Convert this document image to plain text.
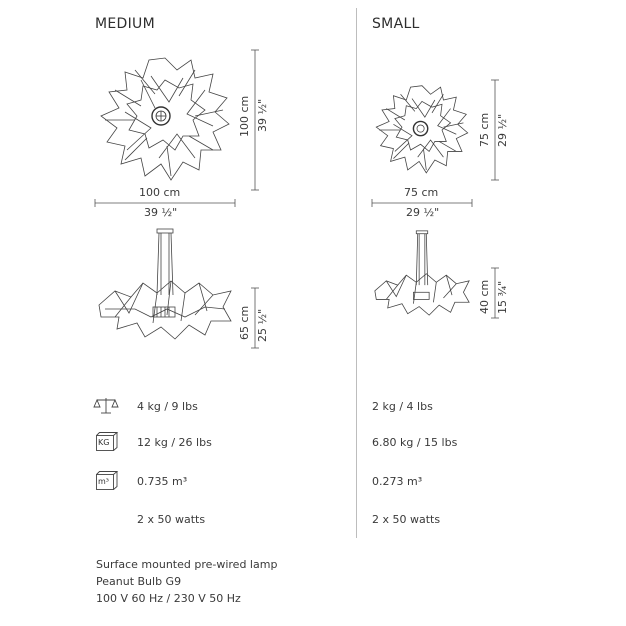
MEDIUM	SMALL
100 cm 39 ½"
100 cm
39 ½"
65 cm 25 ½"
75 cm 29 ½"
75 cm
29 ½"
40 cm 15 ¾"
4 kg / 9 lbs	2 kg / 4 lbs
KG	12 kg / 26 lbs	6.80 kg / 15 lbs
m³	0.735 m³	0.273 m³
2 x 50 watts	2 x 50 watts
Surface mounted pre-wired lamp
Peanut Bulb G9
100 V 60 Hz / 230 V 50 Hz
